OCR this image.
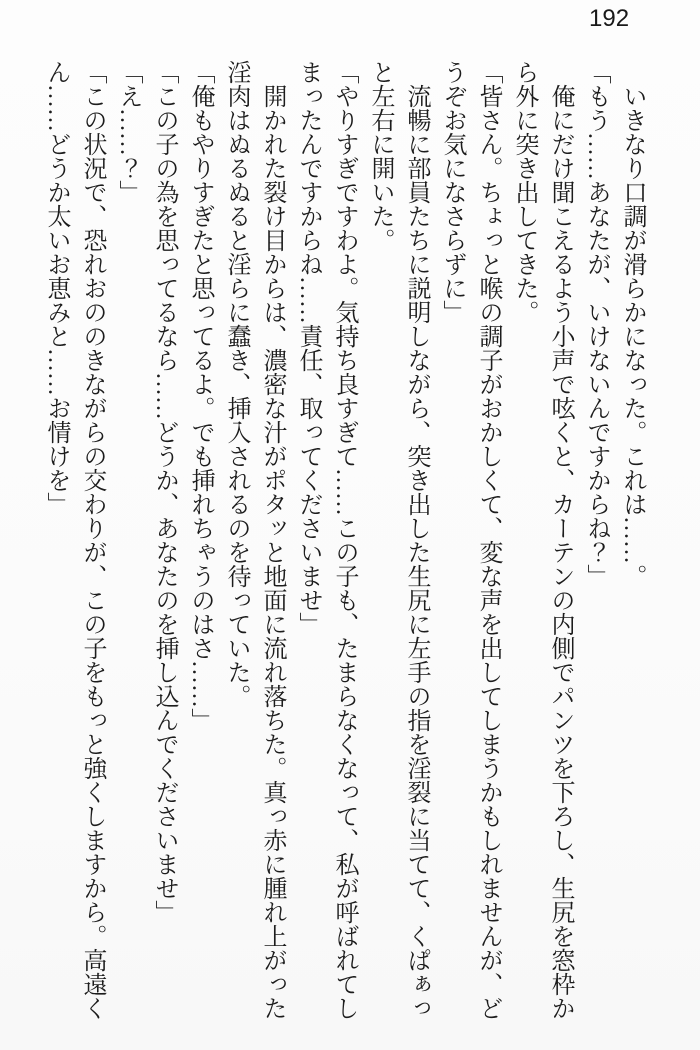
192

　いきなり口調が滑らかになった。これは……。

「もう……あなたが、いけないんですからね？」

　俺にだけ聞こえるよう小声で呟くと、カーテンの内側でパンツを下ろし、生尻を窓枠から外に突き出してきた。

「皆さん。ちょっと喉の調子がおかしくて、変な声を出してしまうかもしれませんが、どうぞお気になさらずに」

　流暢に部員たちに説明しながら、突き出した生尻に左手の指を淫裂に当てて、くぱぁっと左右に開いた。

「やりすぎですわよ。気持ち良すぎて……この子も、たまらなくなって、私が呼ばれてしまったんですからね……責任、取ってくださいませ」

　開かれた裂け目からは、濃密な汁がポタッと地面に流れ落ちた。真っ赤に腫れ上がった淫肉はぬるぬると淫らに蠢き、挿入されるのを待っていた。

「俺もやりすぎたと思ってるよ。でも挿れちゃうのはさ……」

「この子の為を思ってるなら……どうか、あなたのを挿し込んでくださいませ」

「え……？」

「この状況で、恐れおののきながらの交わりが、この子をもっと強くしますから。高遠くん……どうか太いお恵みと……お情けを」
